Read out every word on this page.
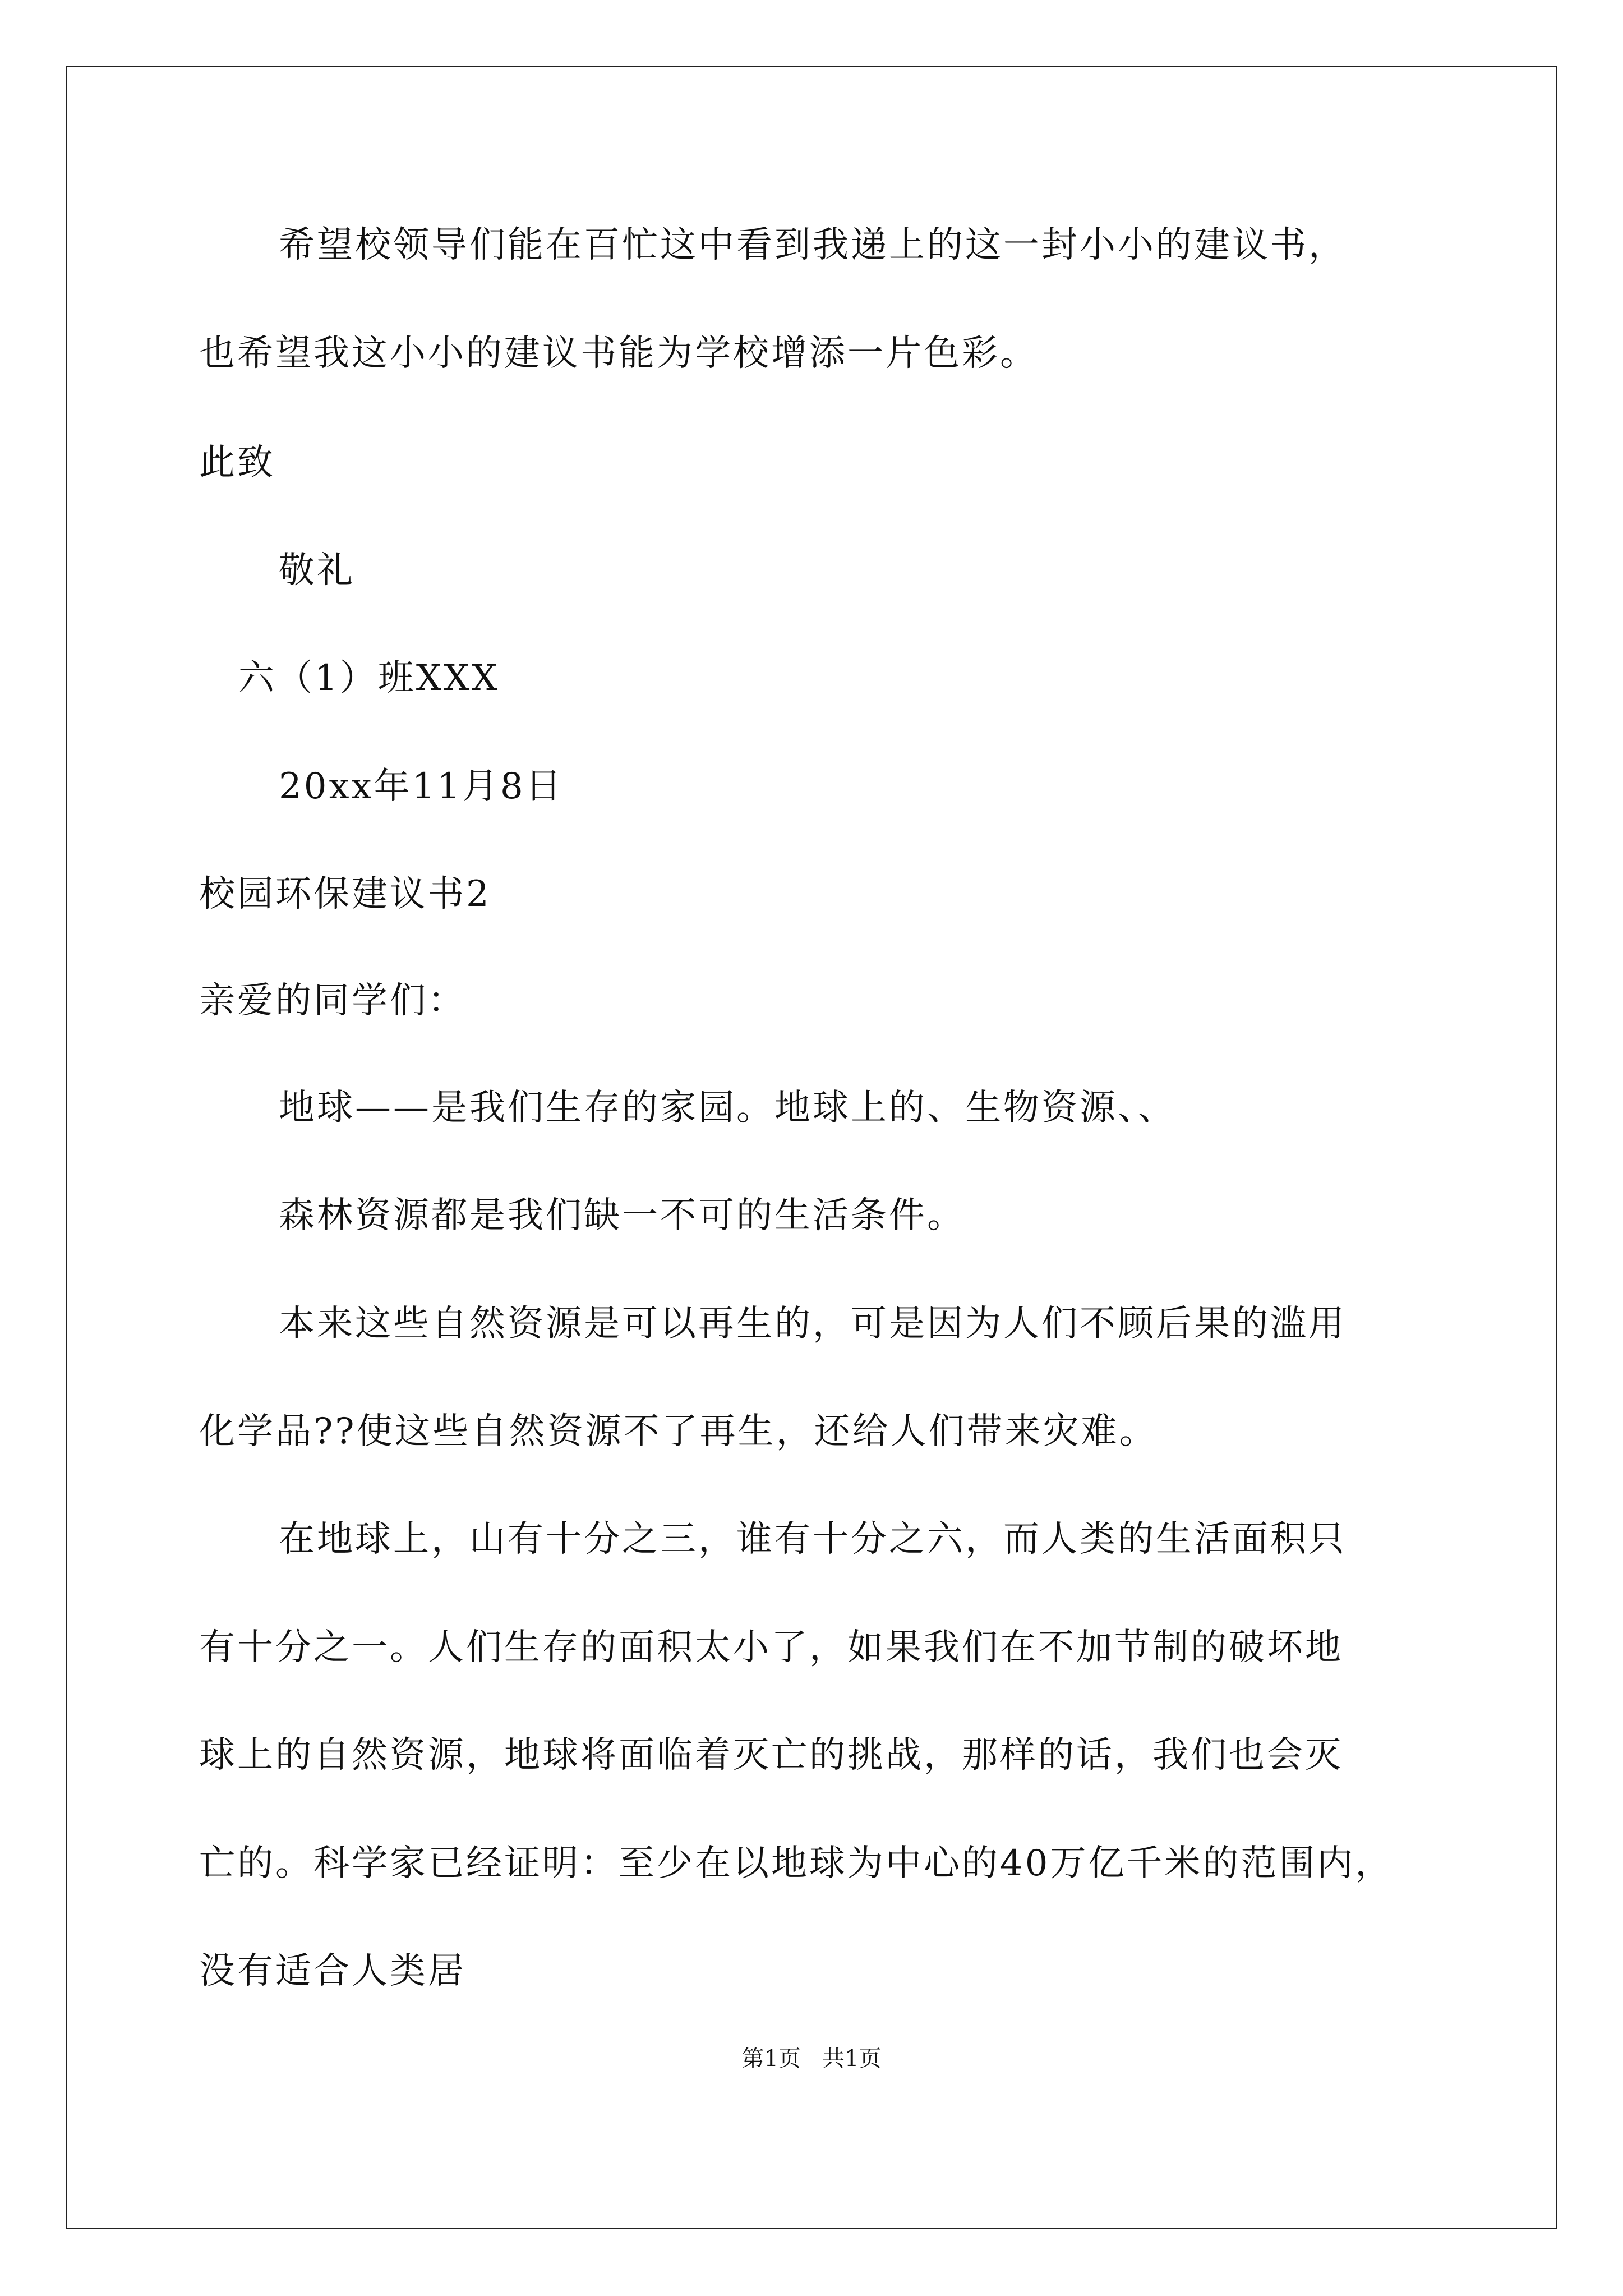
希望校领导们能在百忙这中看到我递上的这一封小小的建议书，
也希望我这小小的建议书能为学校增添一片色彩。
此致
敬礼
六（1）班XXX
20xx年11月8日
校园环保建议书2
亲爱的同学们：
地球——是我们生存的家园。地球上的、生物资源、、
森林资源都是我们缺一不可的生活条件。
本来这些自然资源是可以再生的，可是因为人们不顾后果的滥用
化学品??使这些自然资源不了再生，还给人们带来灾难。
在地球上，山有十分之三，谁有十分之六，而人类的生活面积只
有十分之一。人们生存的面积太小了，如果我们在不加节制的破坏地
球上的自然资源，地球将面临着灭亡的挑战，那样的话，我们也会灭
亡的。科学家已经证明：至少在以地球为中心的40万亿千米的范围内，
没有适合人类居
第1页   共1页
